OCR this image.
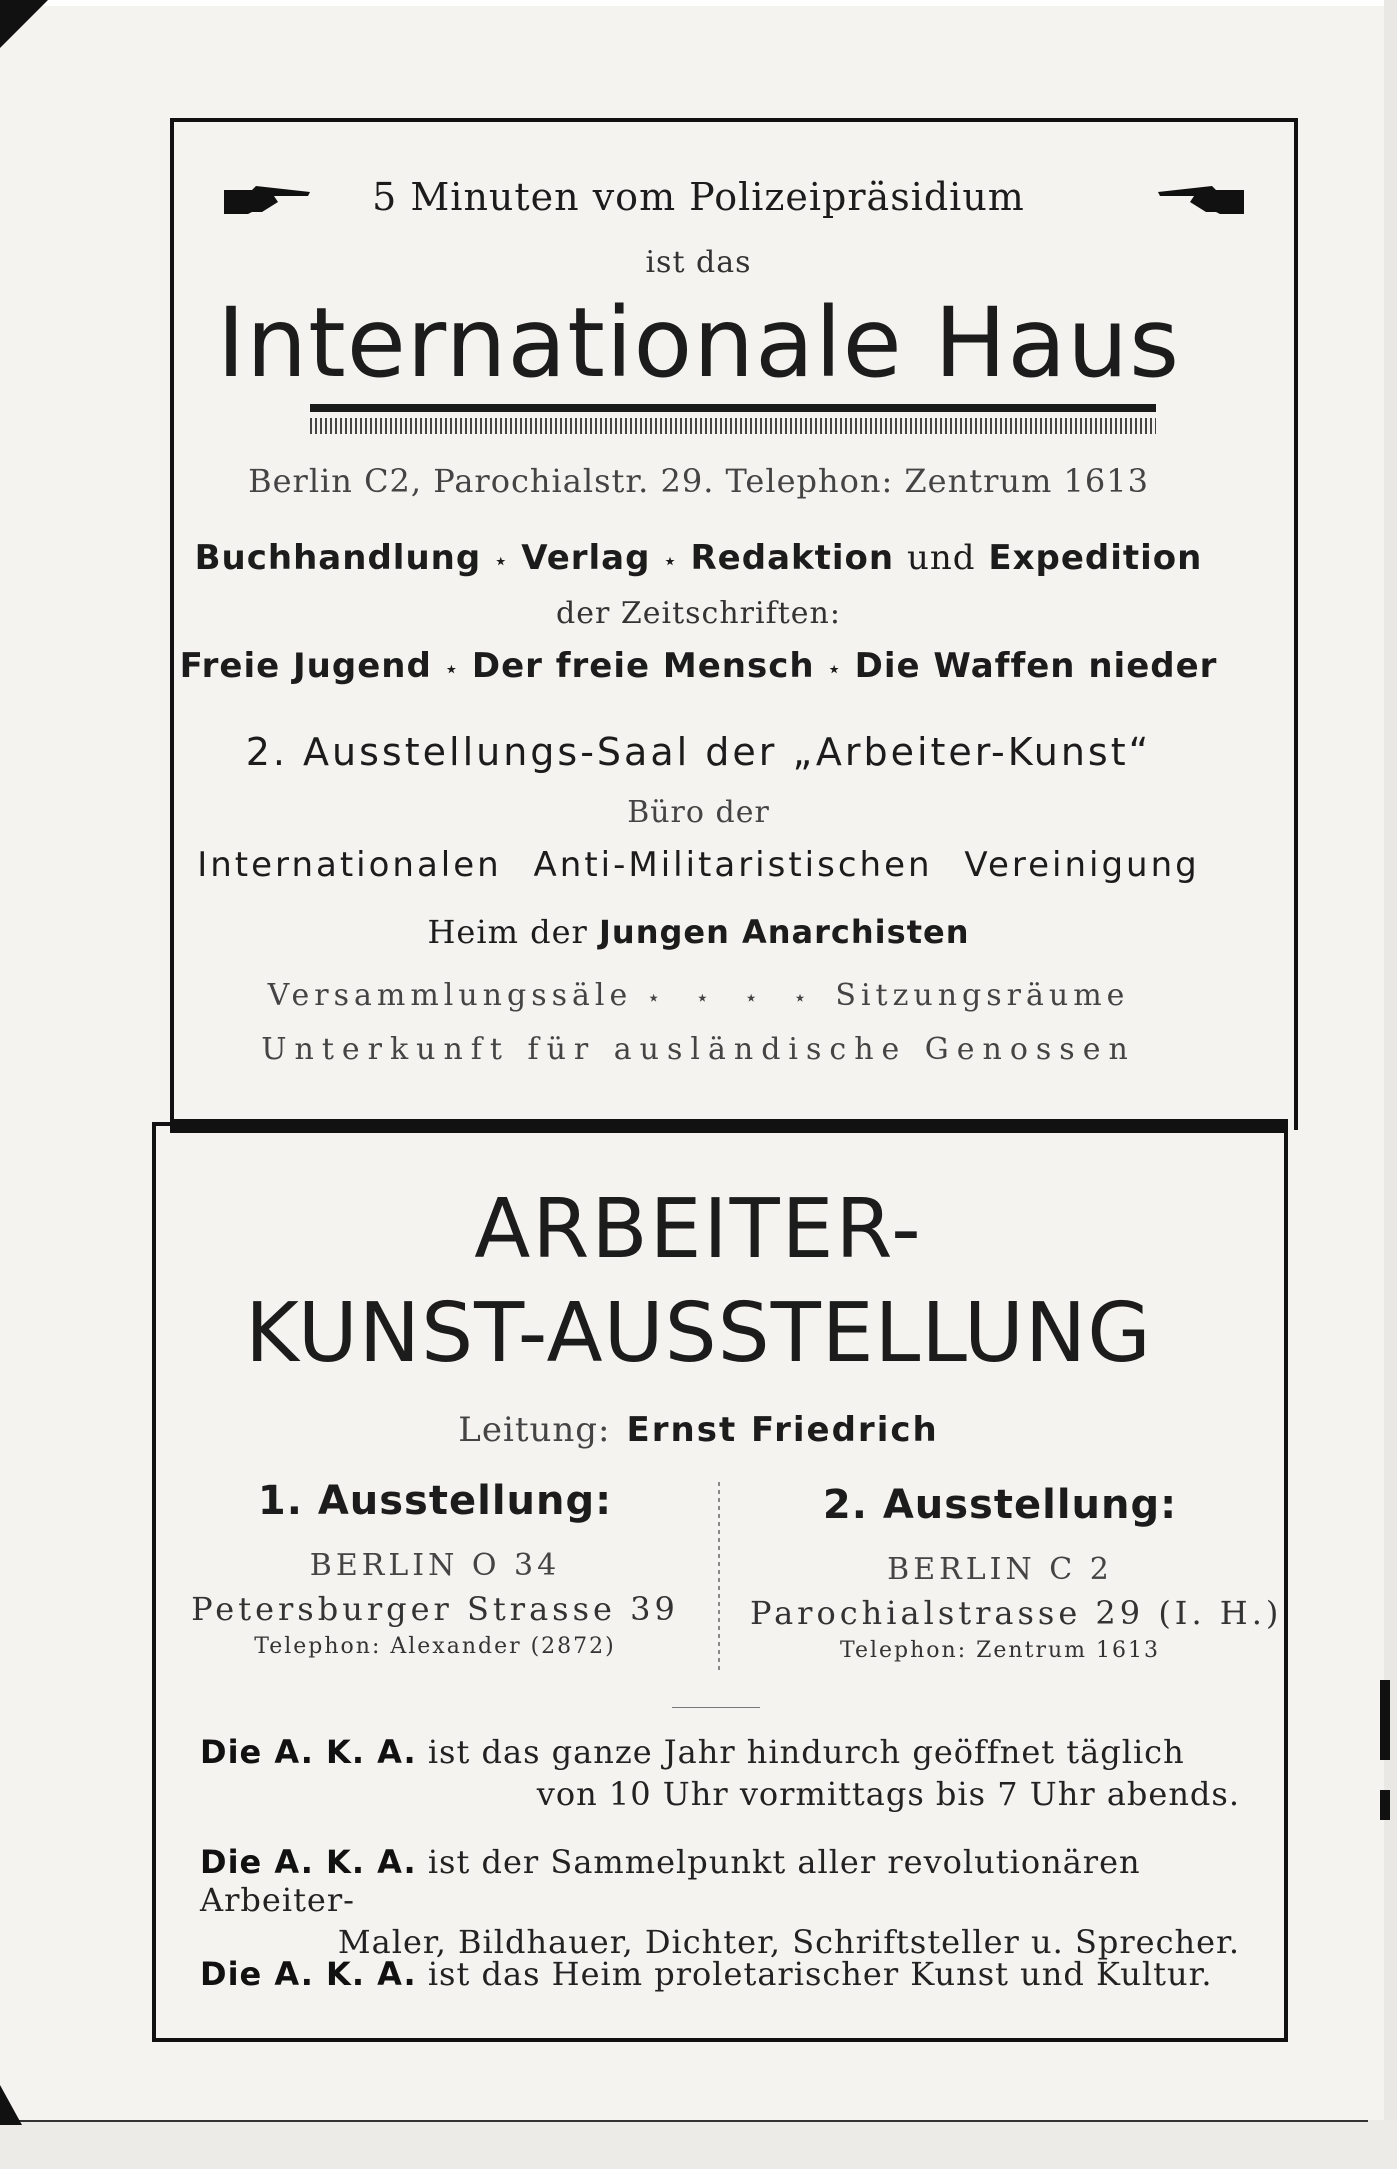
5 Minuten vom Polizeipräsidium
ist das
Internationale Haus
Berlin C2, Parochialstr. 29. Telephon: Zentrum 1613
Buchhandlung ⋆ Verlag ⋆ Redaktion und Expedition
der Zeitschriften:
Freie Jugend ⋆ Der freie Mensch ⋆ Die Waffen nieder
2. Ausstellungs-Saal der „Arbeiter-Kunst“
Büro der
Internationalen Anti-Militaristischen Vereinigung
Heim der Jungen Anarchisten
Versammlungssäle ⋆ ⋆ ⋆ ⋆ Sitzungsräume
Unterkunft für ausländische Genossen
ARBEITER-
KUNST-AUSSTELLUNG
Leitung: Ernst Friedrich
1. Ausstellung:
BERLIN O 34
Petersburger Strasse 39
Telephon: Alexander (2872)
2. Ausstellung:
BERLIN C 2
Parochialstrasse 29 (I. H.)
Telephon: Zentrum 1613
Die A. K. A. ist das ganze Jahr hindurch geöffnet täglich
von 10 Uhr vormittags bis 7 Uhr abends.
Die A. K. A. ist der Sammelpunkt aller revolutionären Arbeiter-
Maler, Bildhauer, Dichter, Schriftsteller u. Sprecher.
Die A. K. A. ist das Heim proletarischer Kunst und Kultur.
